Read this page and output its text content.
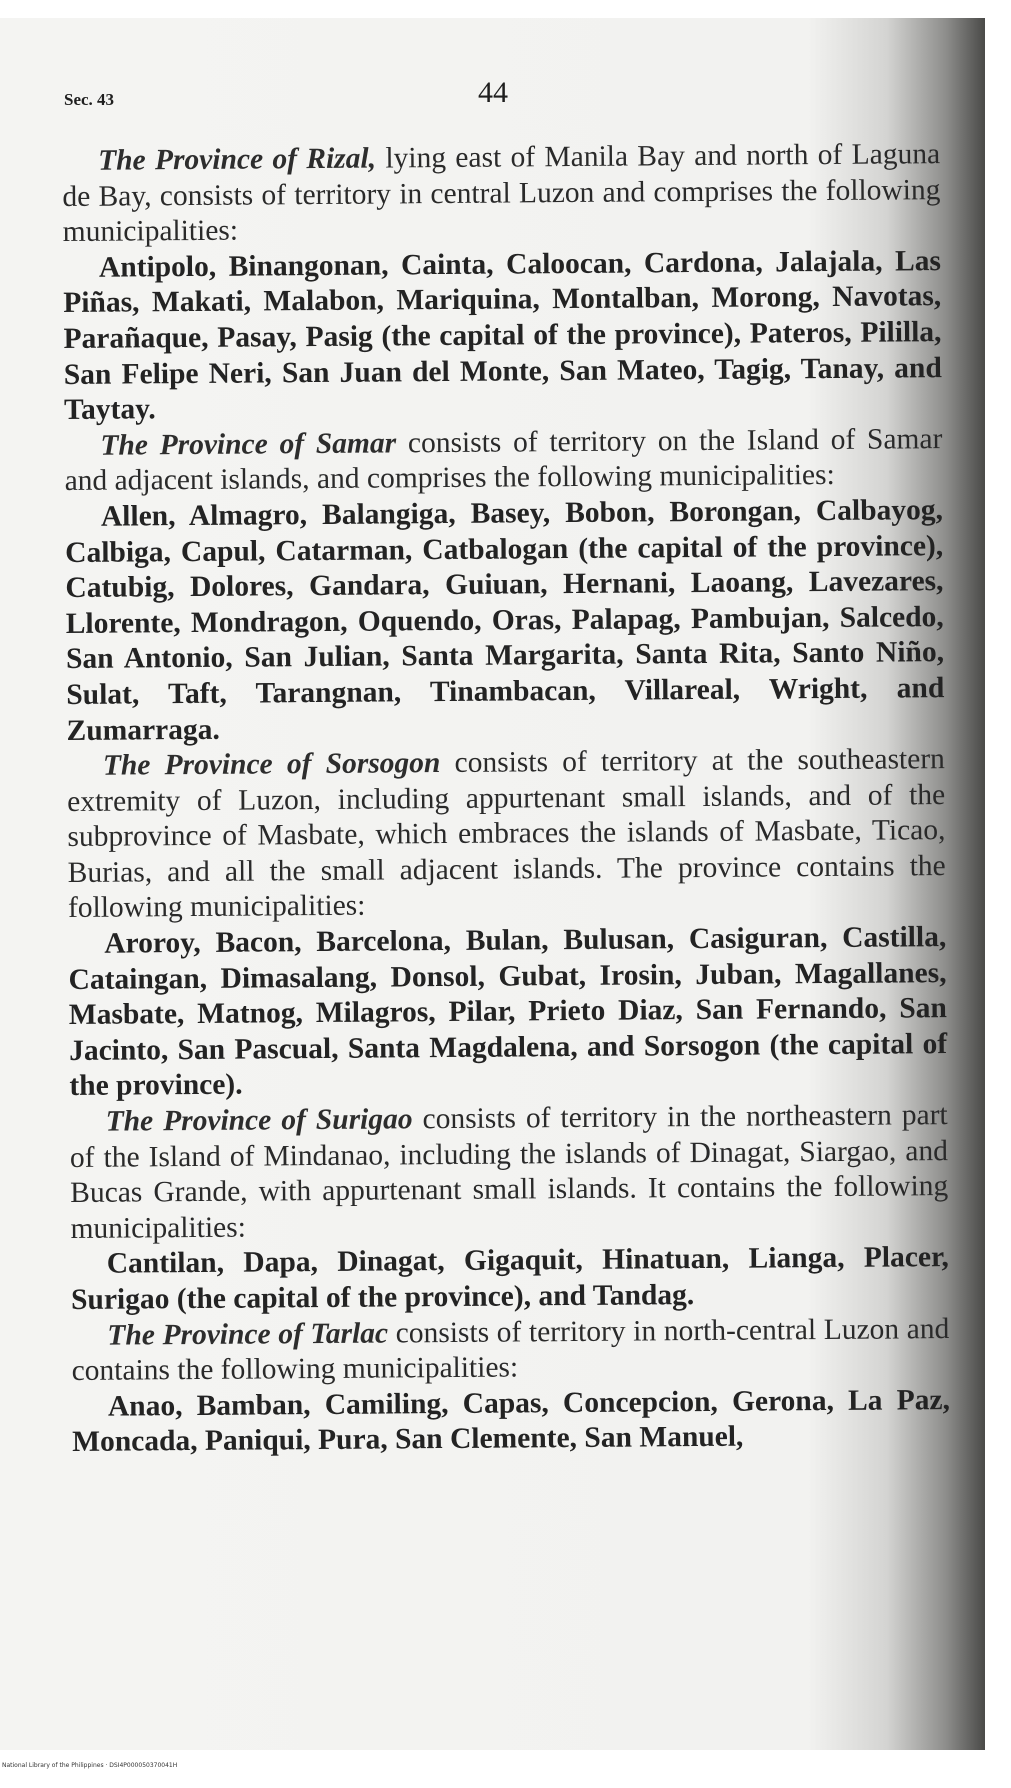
Sec. 43	44

The Province of Rizal, lying east of Manila Bay and north of Laguna de Bay, consists of territory in central Luzon and comprises the following municipalities:

Antipolo, Binangonan, Cainta, Caloocan, Cardona, Jalajala, Las Piñas, Makati, Malabon, Mariquina, Montalban, Morong, Navotas, Parañaque, Pasay, Pasig (the capital of the province), Pateros, Pililla, San Felipe Neri, San Juan del Monte, San Mateo, Tagig, Tanay, and Taytay.

The Province of Samar consists of territory on the Island of Samar and adjacent islands, and comprises the following municipalities:

Allen, Almagro, Balangiga, Basey, Bobon, Borongan, Calbayog, Calbiga, Capul, Catarman, Catbalogan (the capital of the province), Catubig, Dolores, Gandara, Guiuan, Hernani, Laoang, Lavezares, Llorente, Mondragon, Oquendo, Oras, Palapag, Pambujan, Salcedo, San Antonio, San Julian, Santa Margarita, Santa Rita, Santo Niño, Sulat, Taft, Tarangnan, Tinambacan, Villareal, Wright, and Zumarraga.

The Province of Sorsogon consists of territory at the southeastern extremity of Luzon, including appurtenant small islands, and of the subprovince of Masbate, which embraces the islands of Masbate, Ticao, Burias, and all the small adjacent islands. The province contains the following municipalities:

Aroroy, Bacon, Barcelona, Bulan, Bulusan, Casiguran, Castilla, Cataingan, Dimasalang, Donsol, Gubat, Irosin, Juban, Magallanes, Masbate, Matnog, Milagros, Pilar, Prieto Diaz, San Fernando, San Jacinto, San Pascual, Santa Magdalena, and Sorsogon (the capital of the province).

The Province of Surigao consists of territory in the northeastern part of the Island of Mindanao, including the islands of Dinagat, Siargao, and Bucas Grande, with appurtenant small islands. It contains the following municipalities:

Cantilan, Dapa, Dinagat, Gigaquit, Hinatuan, Lianga, Placer, Surigao (the capital of the province), and Tandag.

The Province of Tarlac consists of territory in north-central Luzon and contains the following municipalities:

Anao, Bamban, Camiling, Capas, Concepcion, Gerona, La Paz, Moncada, Paniqui, Pura, San Clemente, San Manuel,

National Library of the Philippines · DSI4P000050370041H
